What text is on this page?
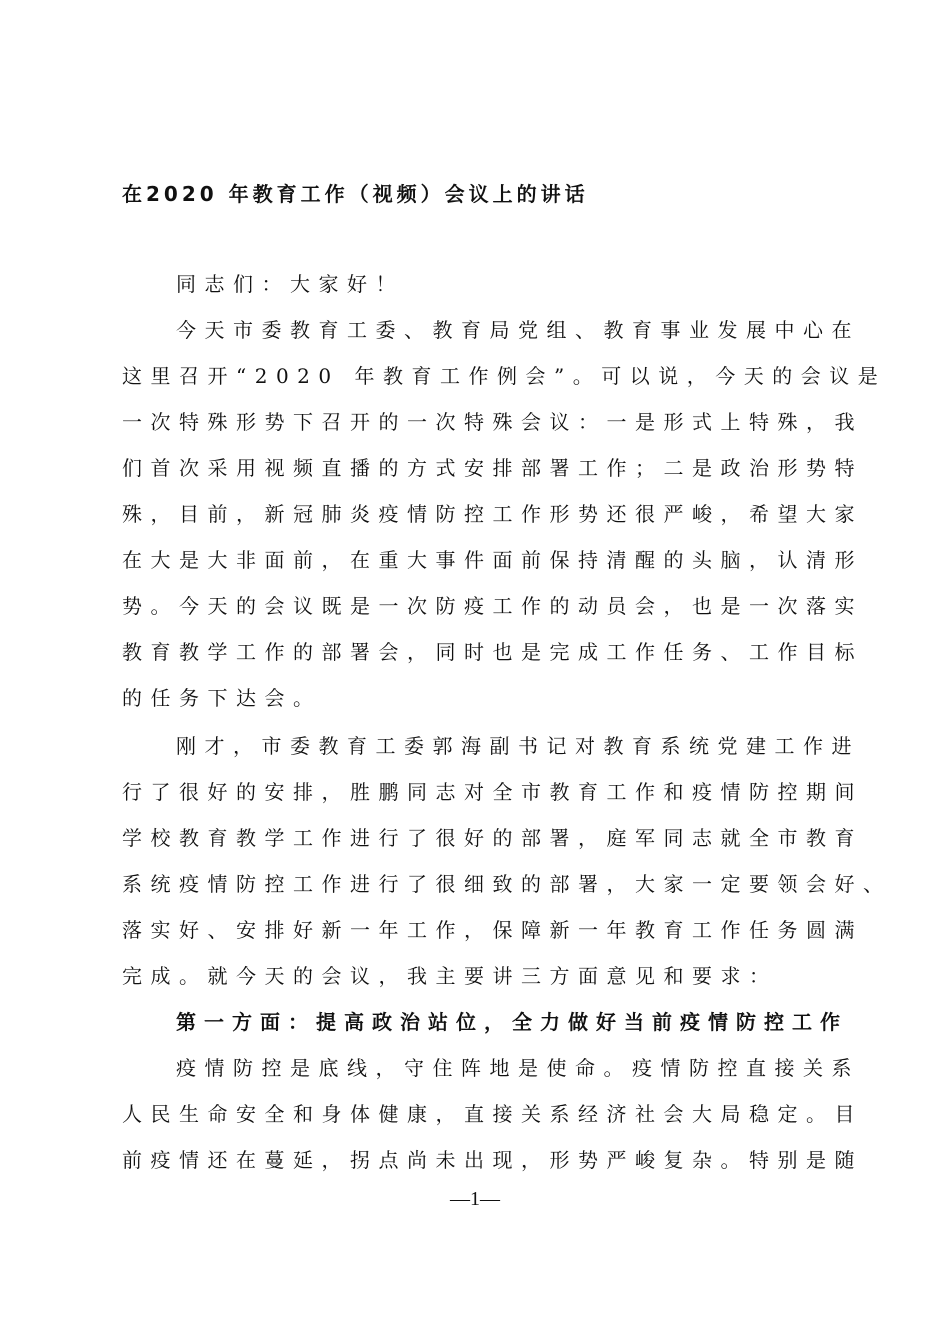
在2020 年教育工作（视频）会议上的讲话
同志们：大家好！
今天市委教育工委、教育局党组、教育事业发展中心在
这里召开“2020 年教育工作例会”。可以说，今天的会议是
一次特殊形势下召开的一次特殊会议：一是形式上特殊，我
们首次采用视频直播的方式安排部署工作；二是政治形势特
殊，目前，新冠肺炎疫情防控工作形势还很严峻，希望大家
在大是大非面前，在重大事件面前保持清醒的头脑，认清形
势。今天的会议既是一次防疫工作的动员会，也是一次落实
教育教学工作的部署会，同时也是完成工作任务、工作目标
的任务下达会。
刚才，市委教育工委郭海副书记对教育系统党建工作进
行了很好的安排，胜鹏同志对全市教育工作和疫情防控期间
学校教育教学工作进行了很好的部署，庭军同志就全市教育
系统疫情防控工作进行了很细致的部署，大家一定要领会好、
落实好、安排好新一年工作，保障新一年教育工作任务圆满
完成。就今天的会议，我主要讲三方面意见和要求：
第一方面：提高政治站位，全力做好当前疫情防控工作
疫情防控是底线，守住阵地是使命。疫情防控直接关系
人民生命安全和身体健康，直接关系经济社会大局稳定。目
前疫情还在蔓延，拐点尚未出现，形势严峻复杂。特别是随
—1—
